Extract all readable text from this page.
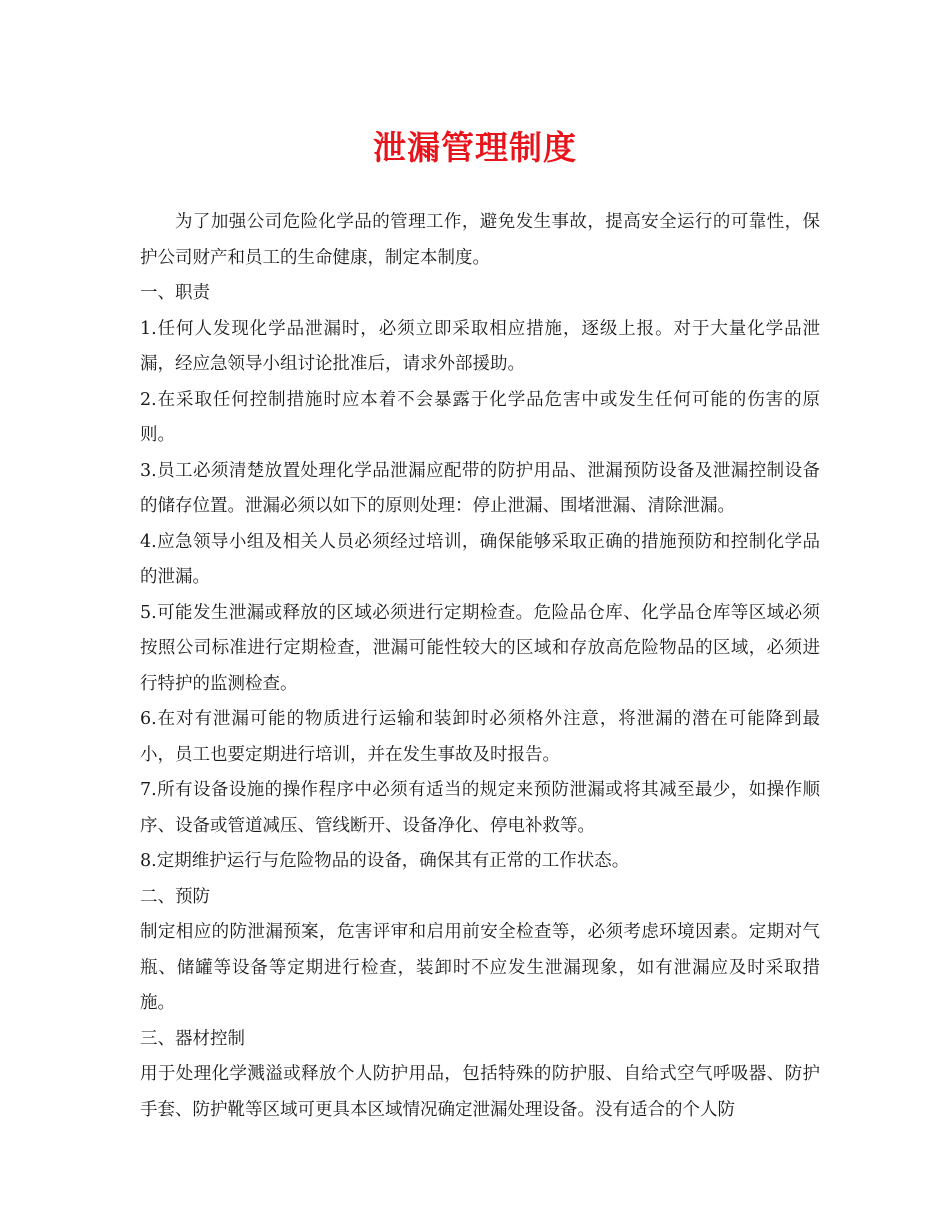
泄漏管理制度

为了加强公司危险化学品的管理工作，避免发生事故，提高安全运行的可靠性，保护公司财产和员工的生命健康，制定本制度。

一、职责

1.任何人发现化学品泄漏时，必须立即采取相应措施，逐级上报。对于大量化学品泄漏，经应急领导小组讨论批准后，请求外部援助。

2.在采取任何控制措施时应本着不会暴露于化学品危害中或发生任何可能的伤害的原则。

3.员工必须清楚放置处理化学品泄漏应配带的防护用品、泄漏预防设备及泄漏控制设备的储存位置。泄漏必须以如下的原则处理：停止泄漏、围堵泄漏、清除泄漏。

4.应急领导小组及相关人员必须经过培训，确保能够采取正确的措施预防和控制化学品的泄漏。

5.可能发生泄漏或释放的区域必须进行定期检查。危险品仓库、化学品仓库等区域必须按照公司标准进行定期检查，泄漏可能性较大的区域和存放高危险物品的区域，必须进行特护的监测检查。

6.在对有泄漏可能的物质进行运输和装卸时必须格外注意，将泄漏的潜在可能降到最小，员工也要定期进行培训，并在发生事故及时报告。

7.所有设备设施的操作程序中必须有适当的规定来预防泄漏或将其减至最少，如操作顺序、设备或管道减压、管线断开、设备净化、停电补救等。

8.定期维护运行与危险物品的设备，确保其有正常的工作状态。

二、预防

制定相应的防泄漏预案，危害评审和启用前安全检查等，必须考虑环境因素。定期对气瓶、储罐等设备等定期进行检查，装卸时不应发生泄漏现象，如有泄漏应及时采取措施。

三、器材控制

用于处理化学溅溢或释放个人防护用品，包括特殊的防护服、自给式空气呼吸器、防护手套、防护靴等区域可更具本区域情况确定泄漏处理设备。没有适合的个人防
